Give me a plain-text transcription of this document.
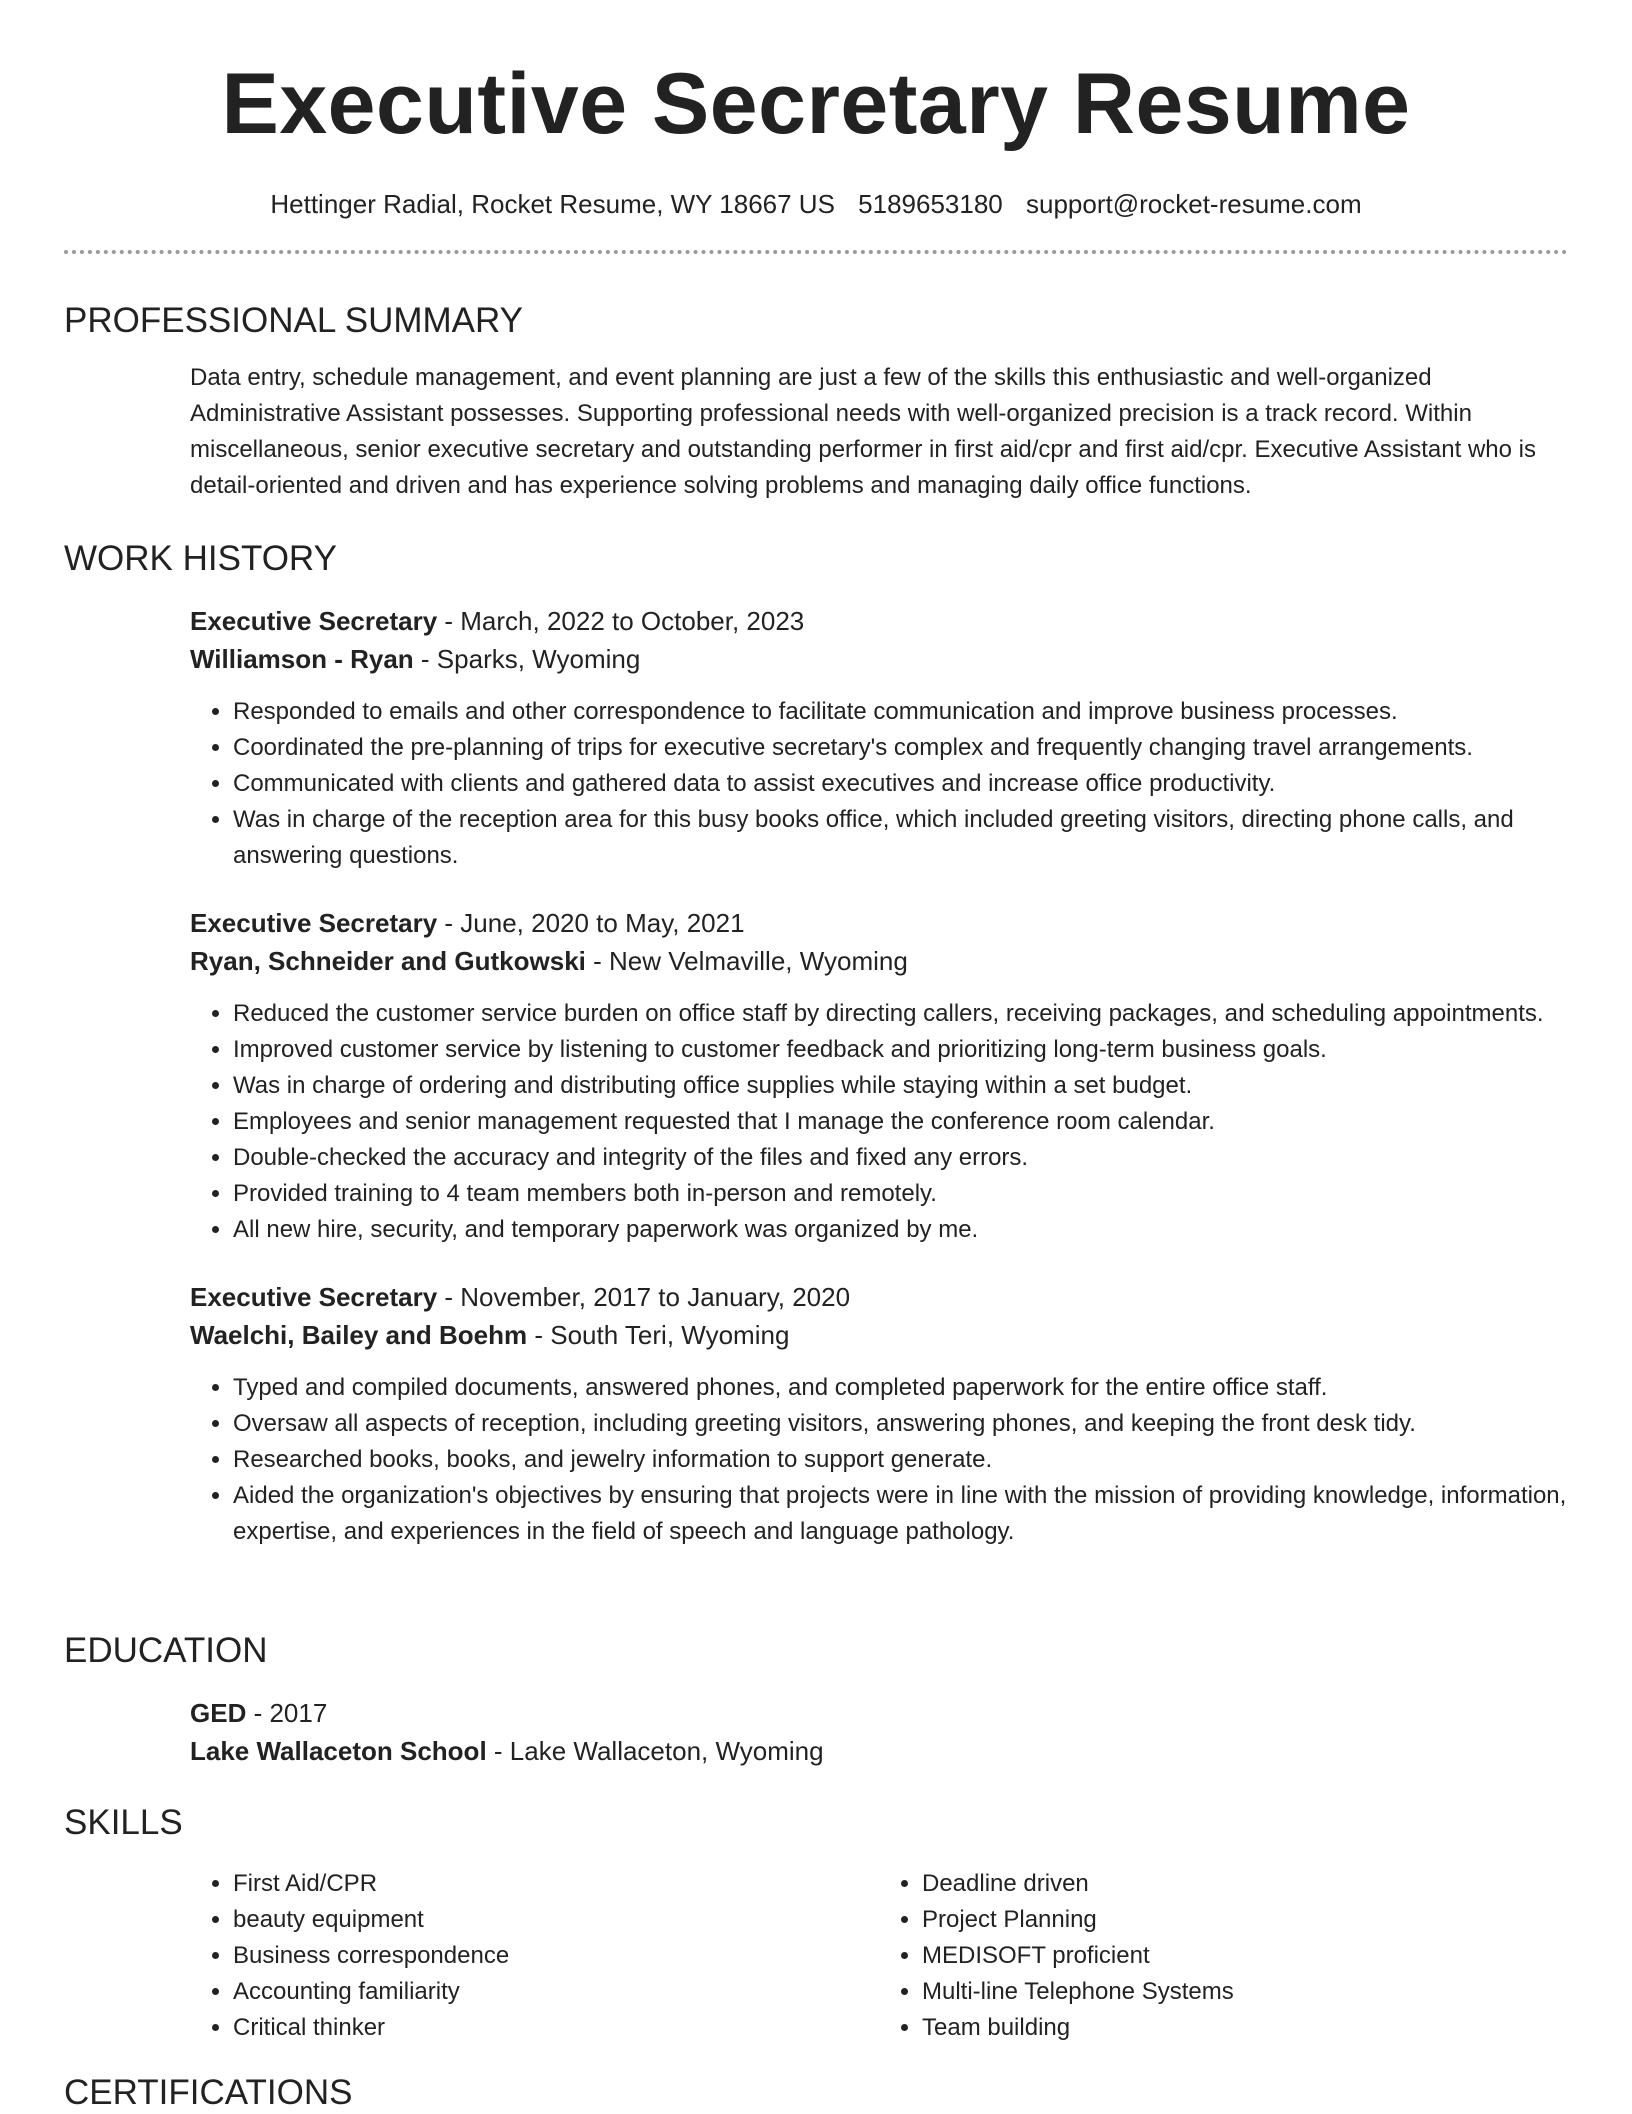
Executive Secretary Resume
Hettinger Radial, Rocket Resume, WY 18667 US 5189653180 support@rocket-resume.com
PROFESSIONAL SUMMARY

Data entry, schedule management, and event planning are just a few of the skills this enthusiastic and well-organized Administrative Assistant possesses. Supporting professional needs with well-organized precision is a track record. Within miscellaneous, senior executive secretary and outstanding performer in first aid/cpr and first aid/cpr. Executive Assistant who is detail-oriented and driven and has experience solving problems and managing daily office functions.

WORK HISTORY
Executive Secretary - March, 2022 to October, 2023
Williamson - Ryan - Sparks, Wyoming
• Responded to emails and other correspondence to facilitate communication and improve business processes.
• Coordinated the pre-planning of trips for executive secretary's complex and frequently changing travel arrangements.
• Communicated with clients and gathered data to assist executives and increase office productivity.
• Was in charge of the reception area for this busy books office, which included greeting visitors, directing phone calls, and answering questions.
Executive Secretary - June, 2020 to May, 2021
Ryan, Schneider and Gutkowski - New Velmaville, Wyoming
• Reduced the customer service burden on office staff by directing callers, receiving packages, and scheduling appointments.
• Improved customer service by listening to customer feedback and prioritizing long-term business goals.
• Was in charge of ordering and distributing office supplies while staying within a set budget.
• Employees and senior management requested that I manage the conference room calendar.
• Double-checked the accuracy and integrity of the files and fixed any errors.
• Provided training to 4 team members both in-person and remotely.
• All new hire, security, and temporary paperwork was organized by me.
Executive Secretary - November, 2017 to January, 2020
Waelchi, Bailey and Boehm - South Teri, Wyoming
• Typed and compiled documents, answered phones, and completed paperwork for the entire office staff.
• Oversaw all aspects of reception, including greeting visitors, answering phones, and keeping the front desk tidy.
• Researched books, books, and jewelry information to support generate.
• Aided the organization's objectives by ensuring that projects were in line with the mission of providing knowledge, information, expertise, and experiences in the field of speech and language pathology.
EDUCATION
GED - 2017
Lake Wallaceton School - Lake Wallaceton, Wyoming
SKILLS
• First Aid/CPR
• beauty equipment
• Business correspondence
• Accounting familiarity
• Critical thinker
• Deadline driven
• Project Planning
• MEDISOFT proficient
• Multi-line Telephone Systems
• Team building
CERTIFICATIONS
